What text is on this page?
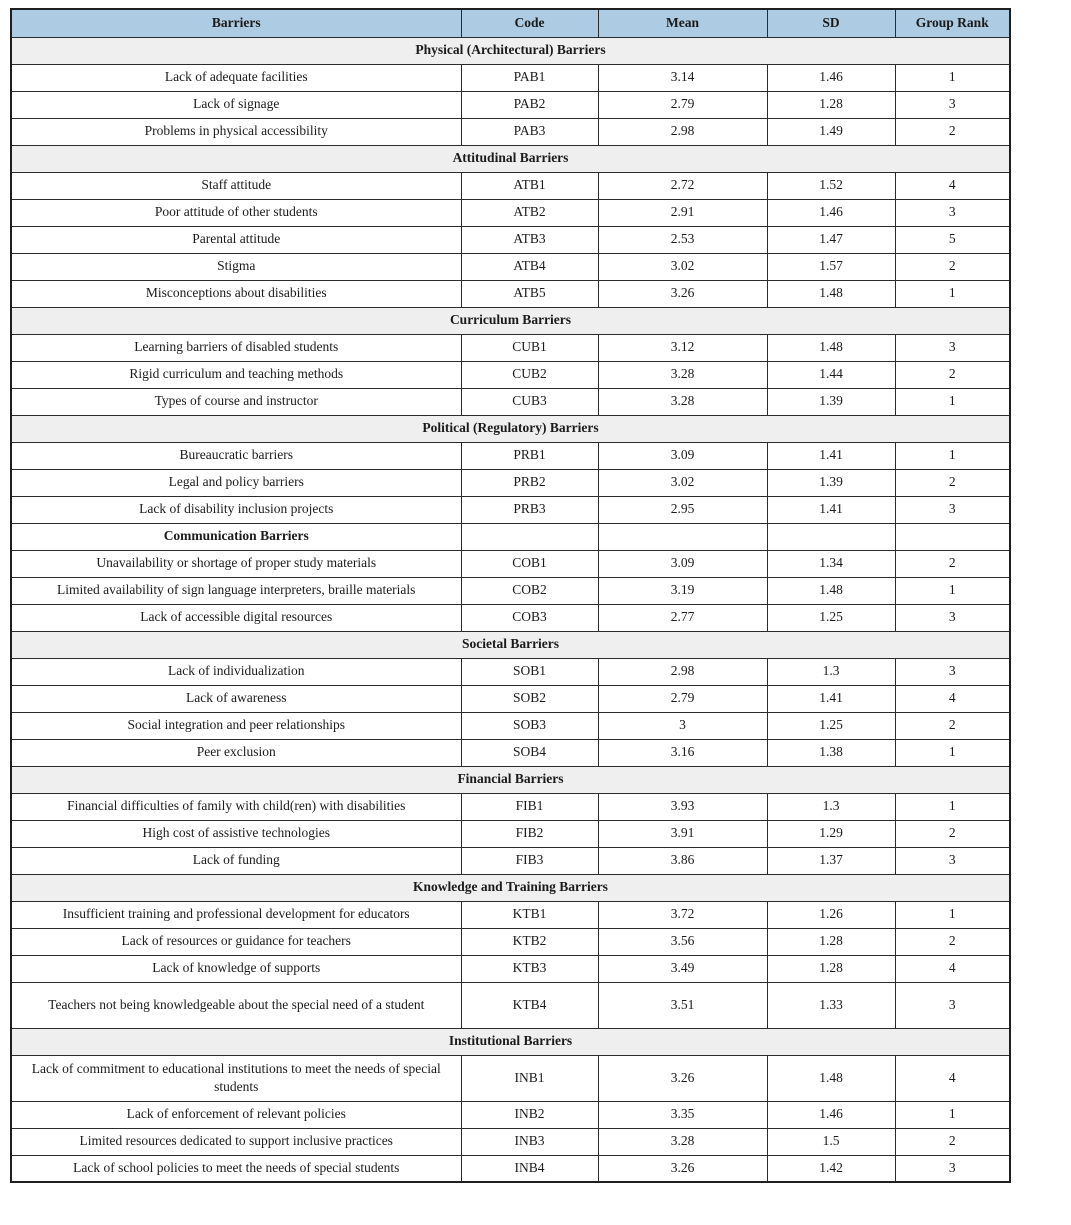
Barriers	Code	Mean	SD	Group Rank
Physical (Architectural) Barriers				
Lack of adequate facilities	PAB1	3.14	1.46	1
Lack of signage	PAB2	2.79	1.28	3
Problems in physical accessibility	PAB3	2.98	1.49	2
Attitudinal Barriers				
Staff attitude	ATB1	2.72	1.52	4
Poor attitude of other students	ATB2	2.91	1.46	3
Parental attitude	ATB3	2.53	1.47	5
Stigma	ATB4	3.02	1.57	2
Misconceptions about disabilities	ATB5	3.26	1.48	1
Curriculum Barriers				
Learning barriers of disabled students	CUB1	3.12	1.48	3
Rigid curriculum and teaching methods	CUB2	3.28	1.44	2
Types of course and instructor	CUB3	3.28	1.39	1
Political (Regulatory) Barriers				
Bureaucratic barriers	PRB1	3.09	1.41	1
Legal and policy barriers	PRB2	3.02	1.39	2
Lack of disability inclusion projects	PRB3	2.95	1.41	3
Communication Barriers				
Unavailability or shortage of proper study materials	COB1	3.09	1.34	2
Limited availability of sign language interpreters, braille materials	COB2	3.19	1.48	1
Lack of accessible digital resources	COB3	2.77	1.25	3
Societal Barriers				
Lack of individualization	SOB1	2.98	1.3	3
Lack of awareness	SOB2	2.79	1.41	4
Social integration and peer relationships	SOB3	3	1.25	2
Peer exclusion	SOB4	3.16	1.38	1
Financial Barriers				
Financial difficulties of family with child(ren) with disabilities	FIB1	3.93	1.3	1
High cost of assistive technologies	FIB2	3.91	1.29	2
Lack of funding	FIB3	3.86	1.37	3
Knowledge and Training Barriers				
Insufficient training and professional development for educators	KTB1	3.72	1.26	1
Lack of resources or guidance for teachers	KTB2	3.56	1.28	2
Lack of knowledge of supports	KTB3	3.49	1.28	4

Teachers not being knowledgeable about the special need of a student	KTB4	3.51	1.33	3
Institutional Barriers				
Lack of commitment to educational institutions to meet the needs of special students	INB1	3.26	1.48	4
Lack of enforcement of relevant policies	INB2	3.35	1.46	1
Limited resources dedicated to support inclusive practices	INB3	3.28	1.5	2
Lack of school policies to meet the needs of special students	INB4	3.26	1.42	3
